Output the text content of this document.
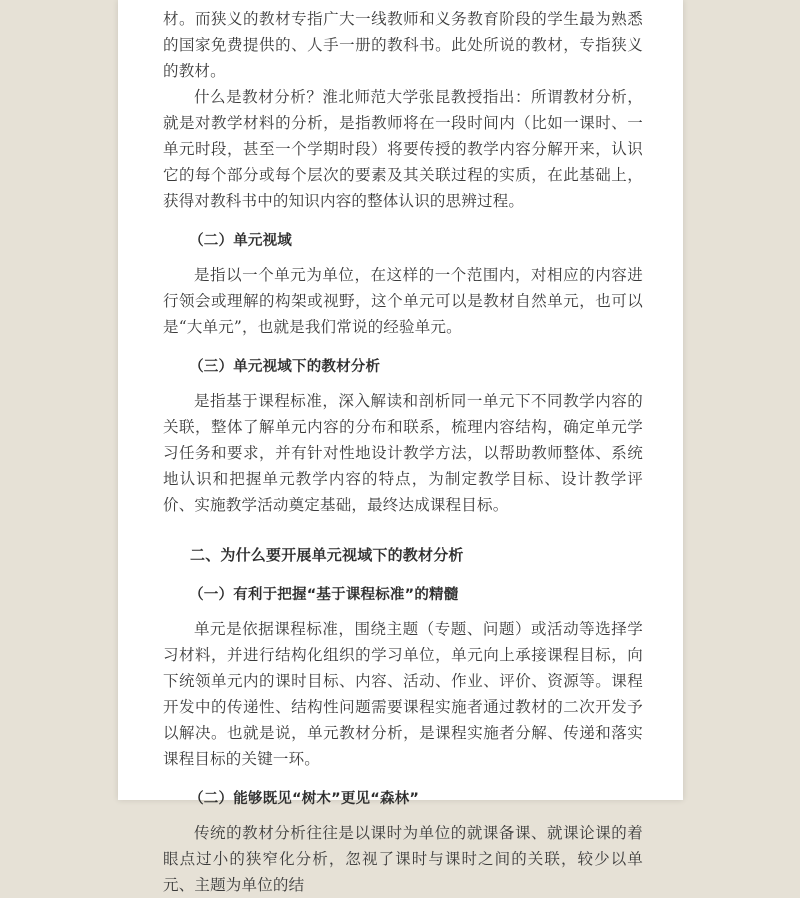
材。而狭义的教材专指广大一线教师和义务教育阶段的学生最为熟悉的国家免费提供的、人手一册的教科书。此处所说的教材，专指狭义的教材。

什么是教材分析？淮北师范大学张昆教授指出：所谓教材分析，就是对教学材料的分析，是指教师将在一段时间内（比如一课时、一单元时段，甚至一个学期时段）将要传授的教学内容分解开来，认识它的每个部分或每个层次的要素及其关联过程的实质，在此基础上，获得对教科书中的知识内容的整体认识的思辨过程。

（二）单元视域

是指以一个单元为单位，在这样的一个范围内，对相应的内容进行领会或理解的构架或视野，这个单元可以是教材自然单元，也可以是“大单元”，也就是我们常说的经验单元。

（三）单元视域下的教材分析

是指基于课程标准，深入解读和剖析同一单元下不同教学内容的关联，整体了解单元内容的分布和联系，梳理内容结构，确定单元学习任务和要求，并有针对性地设计教学方法，以帮助教师整体、系统地认识和把握单元教学内容的特点，为制定教学目标、设计教学评价、实施教学活动奠定基础，最终达成课程目标。

二、为什么要开展单元视域下的教材分析
（一）有利于把握“基于课程标准”的精髓

单元是依据课程标准，围绕主题（专题、问题）或活动等选择学习材料，并进行结构化组织的学习单位，单元向上承接课程目标，向下统领单元内的课时目标、内容、活动、作业、评价、资源等。课程开发中的传递性、结构性问题需要课程实施者通过教材的二次开发予以解决。也就是说，单元教材分析，是课程实施者分解、传递和落实课程目标的关键一环。

（二）能够既见“树木”更见“森林”

传统的教材分析往往是以课时为单位的就课备课、就课论课的着眼点过小的狭窄化分析，忽视了课时与课时之间的关联，较少以单元、主题为单位的结
